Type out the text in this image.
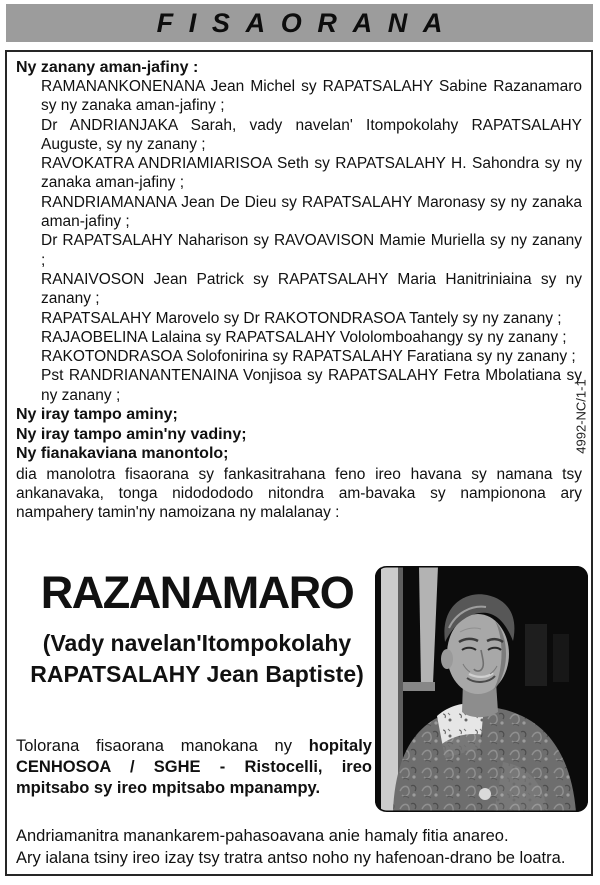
FISAORANA
Ny zanany aman-jafiny :
RAMANANKONENANA Jean Michel sy RAPATSALAHY Sabine Razanamaro sy ny zanaka aman-jafiny ;
Dr ANDRIANJAKA Sarah, vady navelan' Itompokolahy RAPATSALAHY Auguste, sy ny zanany ;
RAVOKATRA ANDRIAMIARISOA Seth sy RAPATSALAHY H. Sahondra sy ny zanaka aman-jafiny ;
RANDRIAMANANA Jean De Dieu sy RAPATSALAHY Maronasy sy ny zanaka aman-jafiny ;
Dr RAPATSALAHY Naharison sy RAVOAVISON Mamie Muriella sy ny zanany ;
RANAIVOSON Jean Patrick sy RAPATSALAHY Maria Hanitriniaina sy ny zanany ;
RAPATSALAHY Marovelo sy Dr RAKOTONDRASOA Tantely sy ny zanany ;
RAJAOBELINA Lalaina sy RAPATSALAHY Vololomboahangy sy ny zanany ;
RAKOTONDRASOA Solofonirina sy RAPATSALAHY Faratiana sy ny zanany ;
Pst RANDRIANANTENAINA Vonjisoa sy RAPATSALAHY Fetra Mbolatiana sy ny zanany ;
Ny iray tampo aminy;
Ny iray tampo amin'ny vadiny;
Ny fianakaviana manontolo;
dia manolotra fisaorana sy fankasitrahana feno ireo havana sy namana tsy ankanavaka, tonga nidodododo nitondra am-bavaka sy nampionona ary nampahery tamin'ny namoizana ny malalanay :
RAZANAMARO
(Vady navelan'Itompokolahy
RAPATSALAHY Jean Baptiste)
Tolorana fisaorana manokana ny hopitaly CENHOSOA / SGHE - Ristocelli, ireo mpitsabo sy ireo mpitsabo mpanampy.
Andriamanitra manankarem-pahasoavana anie hamaly fitia anareo.
Ary ialana tsiny ireo izay tsy tratra antso noho ny hafenoan-drano be loatra.
4992-NC/1-1
